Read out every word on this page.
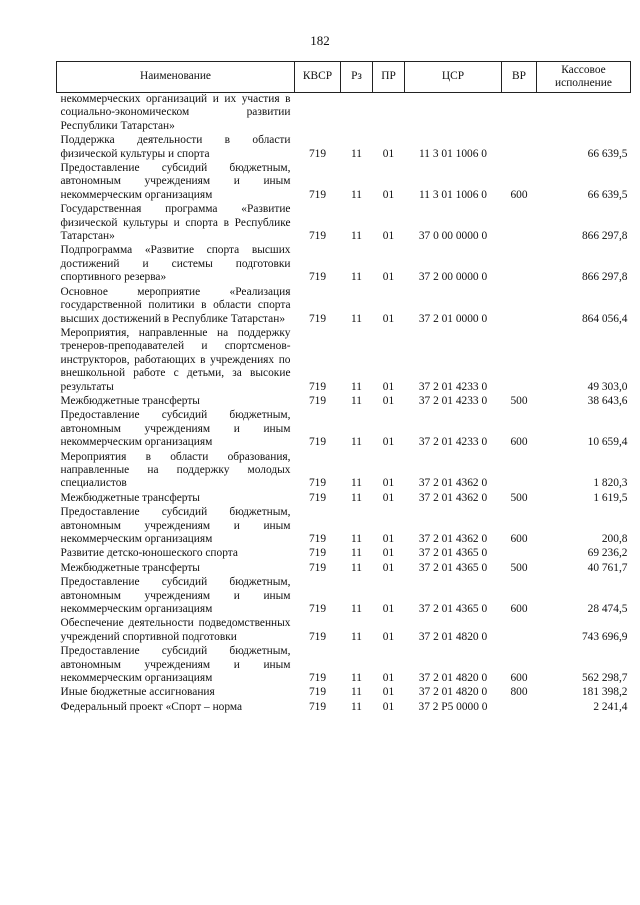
182
Наименование	КВСР	Рз	ПР	ЦСР	ВР	Кассовое исполнение
некоммерческих организаций и их участия в социально-экономическом развитии Республики Татарстан»						
Поддержка деятельности в области физической культуры и спорта	719	11	01	11 3 01 1006 0		66 639,5
Предоставление субсидий бюджетным, автономным учреждениям и иным некоммерческим организациям	719	11	01	11 3 01 1006 0	600	66 639,5
Государственная программа «Развитие физической культуры и спорта в Республике Татарстан»	719	11	01	37 0 00 0000 0		866 297,8
Подпрограмма «Развитие спорта высших достижений и системы подготовки спортивного резерва»	719	11	01	37 2 00 0000 0		866 297,8
Основное мероприятие «Реализация государственной политики в области спорта высших достижений в Республике Татарстан»	719	11	01	37 2 01 0000 0		864 056,4
Мероприятия, направленные на поддержку тренеров-преподавателей и спортсменов-инструкторов, работающих в учреждениях по внешкольной работе с детьми, за высокие результаты	719	11	01	37 2 01 4233 0		49 303,0
Межбюджетные трансферты	719	11	01	37 2 01 4233 0	500	38 643,6
Предоставление субсидий бюджетным, автономным учреждениям и иным некоммерческим организациям	719	11	01	37 2 01 4233 0	600	10 659,4
Мероприятия в области образования, направленные на поддержку молодых специалистов	719	11	01	37 2 01 4362 0		1 820,3
Межбюджетные трансферты	719	11	01	37 2 01 4362 0	500	1 619,5
Предоставление субсидий бюджетным, автономным учреждениям и иным некоммерческим организациям	719	11	01	37 2 01 4362 0	600	200,8
Развитие детско-юношеского спорта	719	11	01	37 2 01 4365 0		69 236,2
Межбюджетные трансферты	719	11	01	37 2 01 4365 0	500	40 761,7
Предоставление субсидий бюджетным, автономным учреждениям и иным некоммерческим организациям	719	11	01	37 2 01 4365 0	600	28 474,5
Обеспечение деятельности подведомственных учреждений спортивной подготовки	719	11	01	37 2 01 4820 0		743 696,9
Предоставление субсидий бюджетным, автономным учреждениям и иным некоммерческим организациям	719	11	01	37 2 01 4820 0	600	562 298,7
Иные бюджетные ассигнования	719	11	01	37 2 01 4820 0	800	181 398,2
Федеральный проект «Спорт – норма	719	11	01	37 2 P5 0000 0		2 241,4
